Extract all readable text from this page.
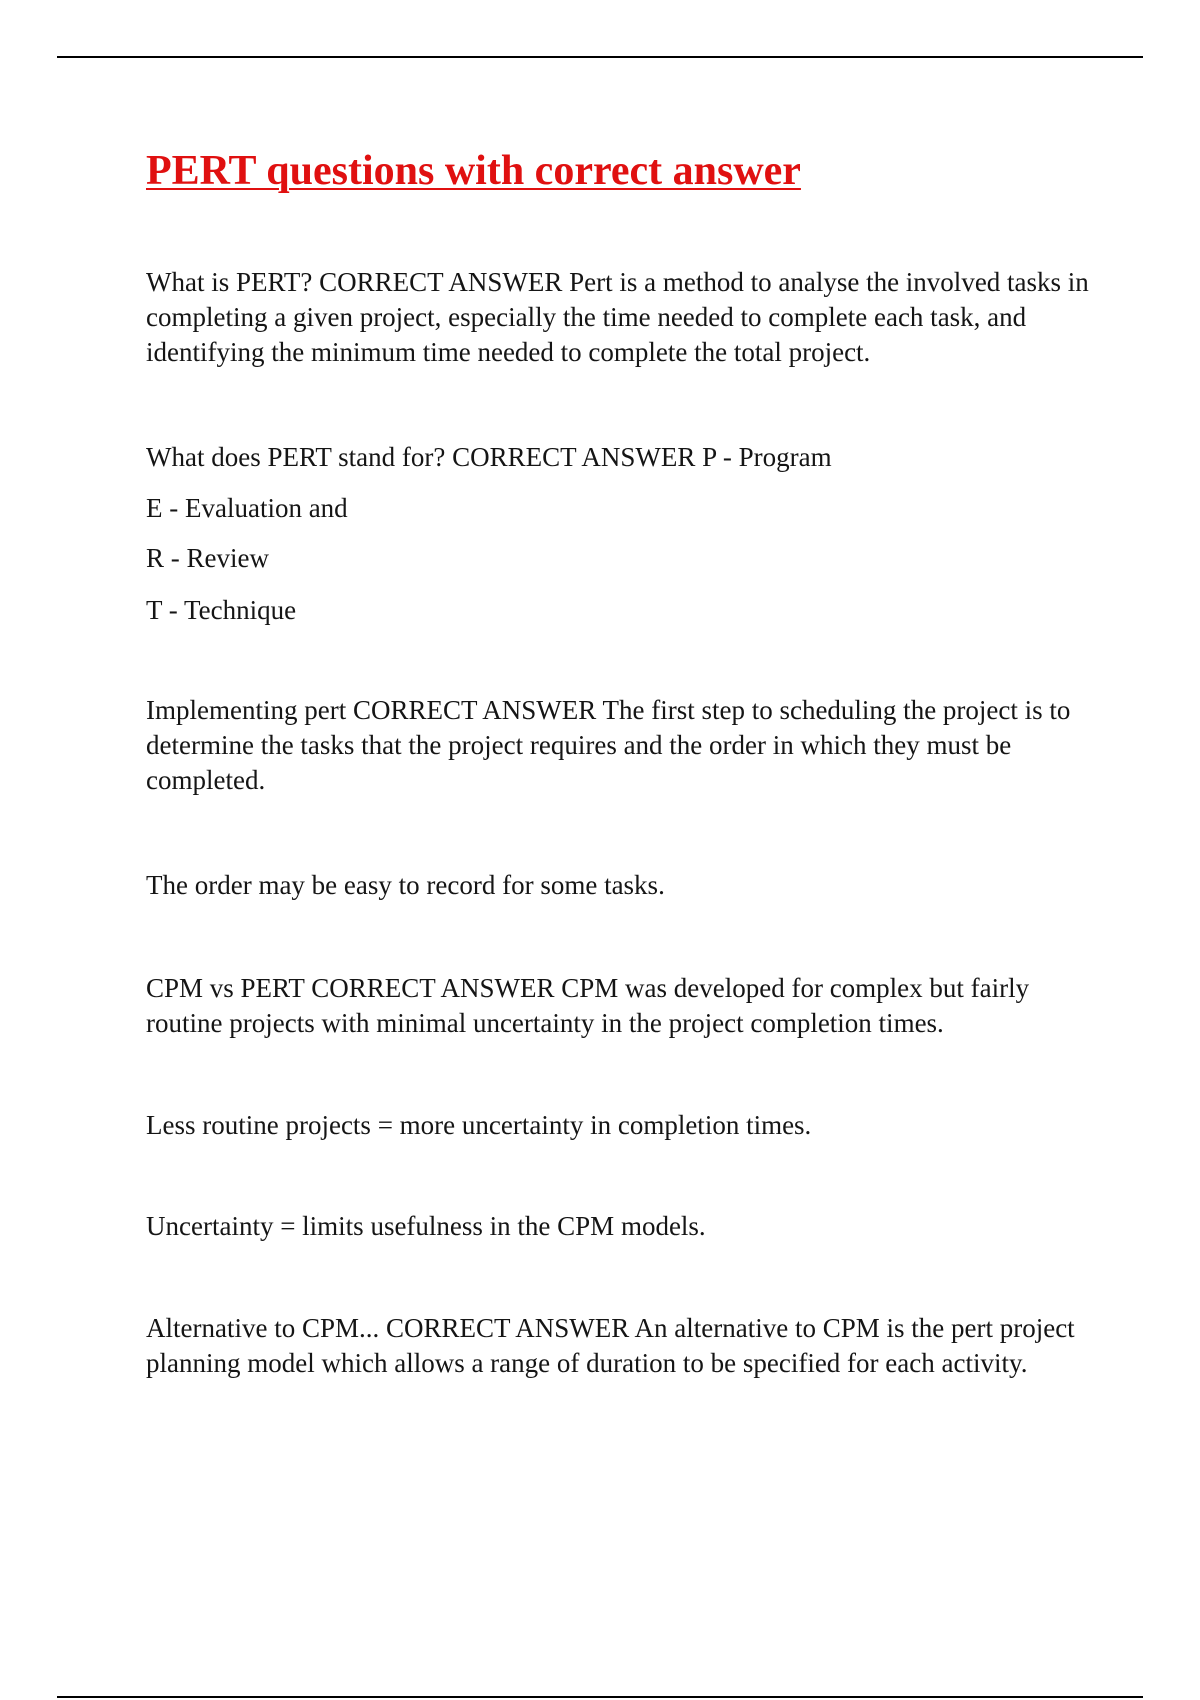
PERT questions with correct answer

What is PERT? CORRECT ANSWER Pert is a method to analyse the involved tasks in completing a given project, especially the time needed to complete each task, and identifying the minimum time needed to complete the total project.

What does PERT stand for? CORRECT ANSWER P - Program

E - Evaluation and

R - Review

T - Technique

Implementing pert CORRECT ANSWER The first step to scheduling the project is to determine the tasks that the project requires and the order in which they must be completed.

The order may be easy to record for some tasks.

CPM vs PERT CORRECT ANSWER CPM was developed for complex but fairly routine projects with minimal uncertainty in the project completion times.

Less routine projects = more uncertainty in completion times.

Uncertainty = limits usefulness in the CPM models.

Alternative to CPM... CORRECT ANSWER An alternative to CPM is the pert project planning model which allows a range of duration to be specified for each activity.
